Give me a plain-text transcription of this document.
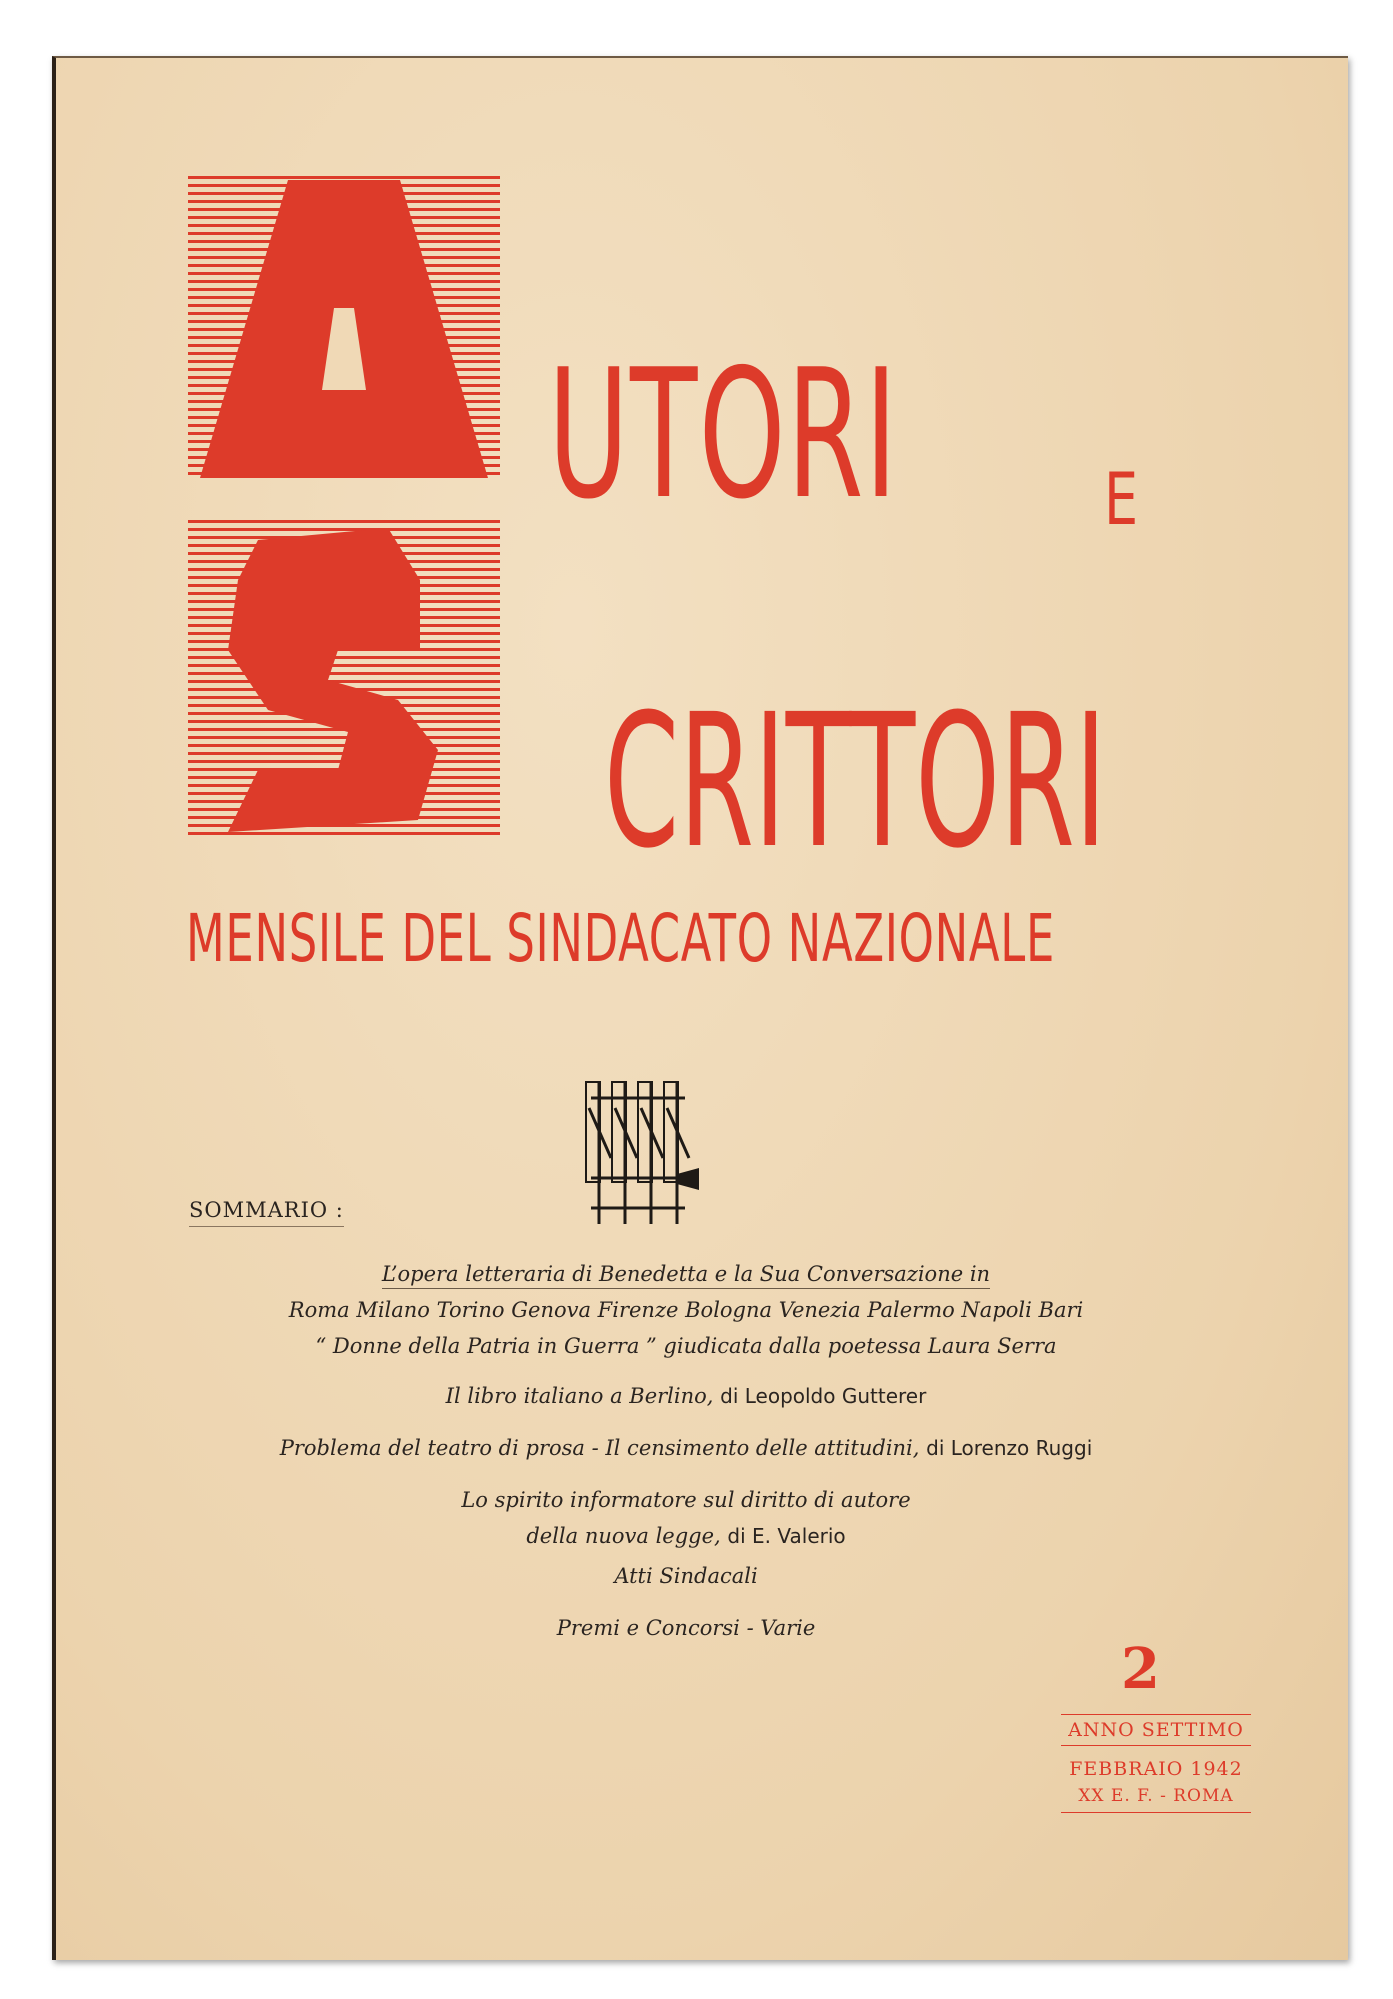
UTORI	E
CRITTORI
MENSILE DEL SINDACATO NAZIONALE
SOMMARIO :
L’opera letteraria di Benedetta e la Sua Conversazione in
Roma Milano Torino Genova Firenze Bologna Venezia Palermo Napoli Bari
“ Donne della Patria in Guerra ” giudicata dalla poetessa Laura Serra
Il libro italiano a Berlino, di Leopoldo Gutterer
Problema del teatro di prosa - Il censimento delle attitudini, di Lorenzo Ruggi
Lo spirito informatore sul diritto di autore
della nuova legge, di E. Valerio
Atti Sindacali
Premi e Concorsi - Varie
2
ANNO SETTIMO
FEBBRAIO 1942
XX E. F. - ROMA
